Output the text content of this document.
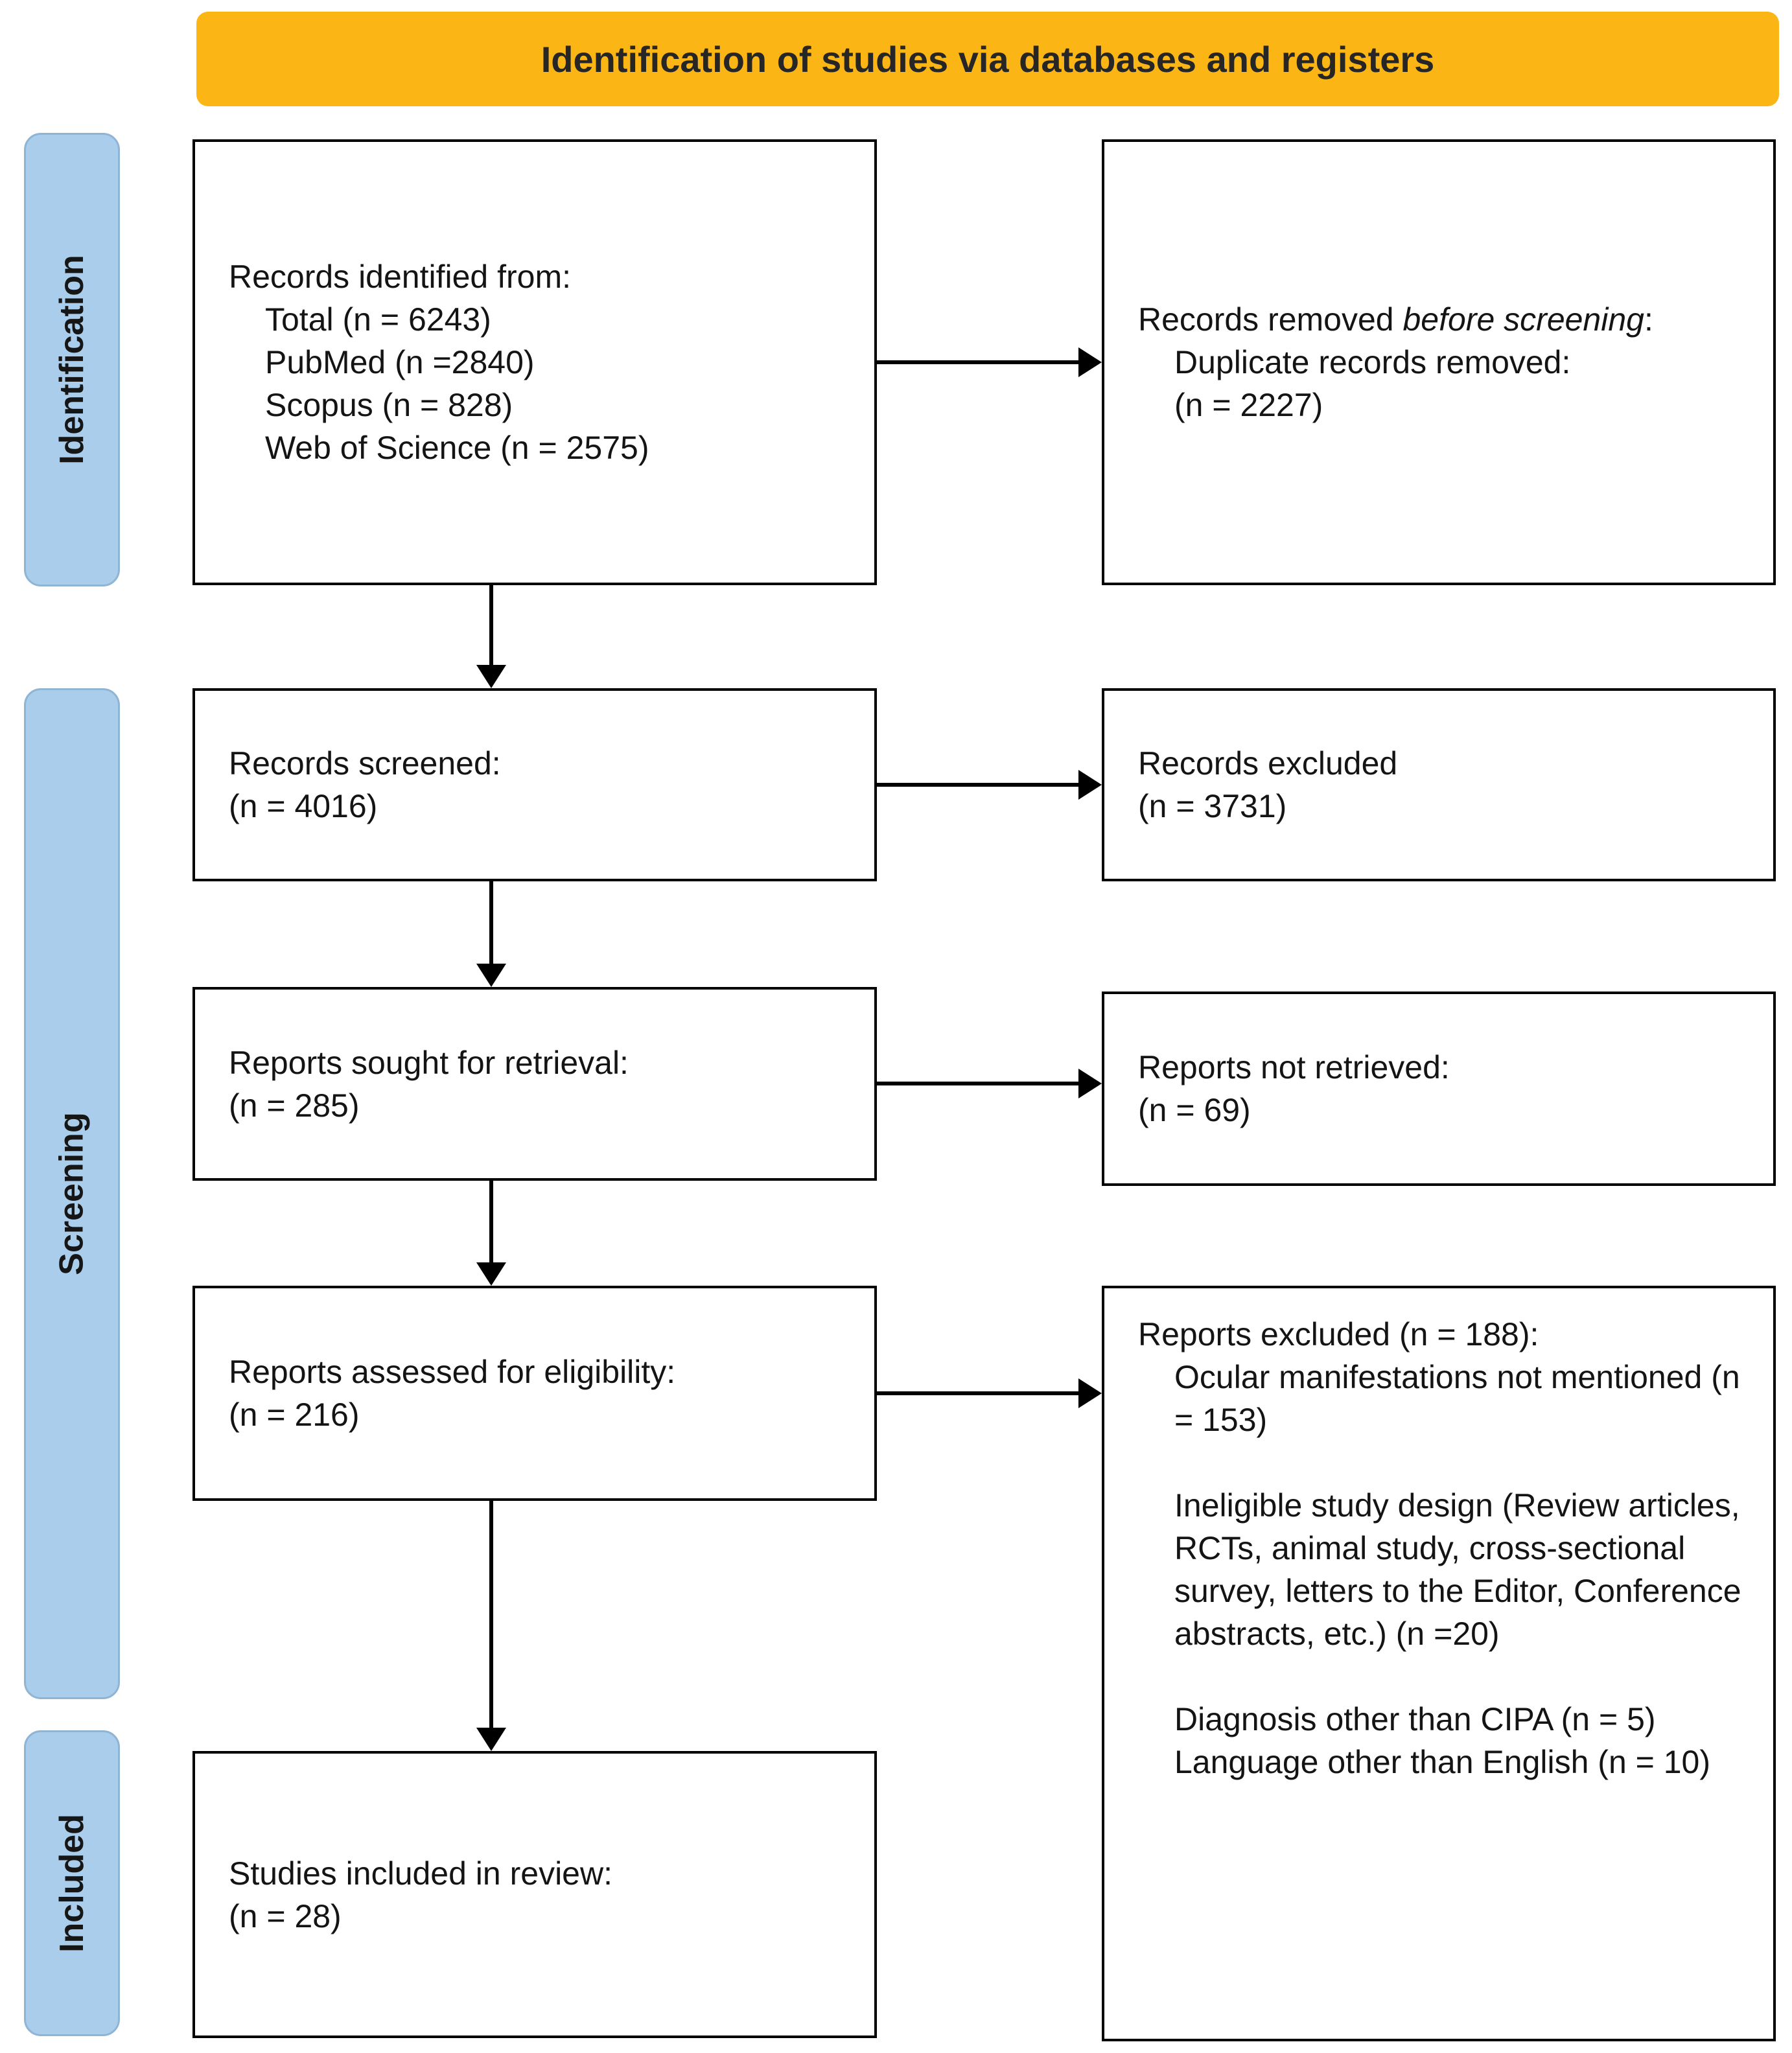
Identification of studies via databases and registers
Identification
Screening
Included
Records identified from:
Total (n = 6243)
PubMed (n =2840)
Scopus (n = 828)
Web of Science (n = 2575)
Records removed before screening:
Duplicate records removed:
(n = 2227)
Records screened:
(n = 4016)
Records excluded
(n = 3731)
Reports sought for retrieval:
(n = 285)
Reports not retrieved:
(n = 69)
Reports assessed for eligibility:
(n = 216)
Reports excluded (n = 188):
Ocular manifestations not mentioned (n = 153)
Ineligible study design (Review articles, RCTs, animal study, cross-sectional survey, letters to the Editor, Conference abstracts, etc.) (n =20)
Diagnosis other than CIPA (n = 5)
Language other than English (n = 10)
Studies included in review:
(n = 28)
